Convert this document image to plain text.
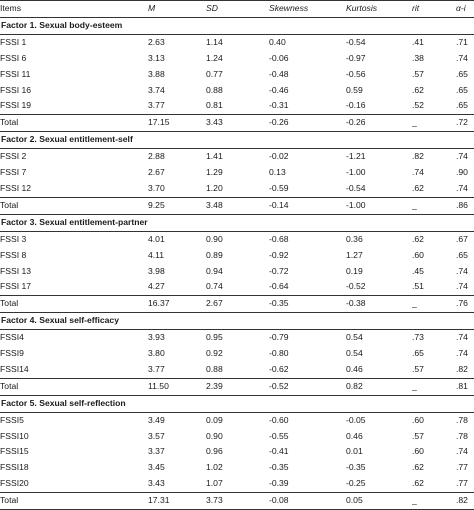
Items	M	SD	Skewness	Kurtosis	rit	α-i
Factor 1. Sexual body-esteem						
FSSI 1	2.63	1.14	0.40	-0.54	.41	.71
FSSI 6	3.13	1.24	-0.06	-0.97	.38	.74
FSSI 11	3.88	0.77	-0.48	-0.56	.57	.65
FSSI 16	3.74	0.88	-0.46	0.59	.62	.65
FSSI 19	3.77	0.81	-0.31	-0.16	.52	.65
Total	17.15	3.43	-0.26	-0.26	_	.72
Factor 2. Sexual entitlement-self						
FSSI 2	2.88	1.41	-0.02	-1.21	.82	.74
FSSI 7	2.67	1.29	0.13	-1.00	.74	.90
FSSI 12	3.70	1.20	-0.59	-0.54	.62	.74
Total	9.25	3.48	-0.14	-1.00	_	.86
Factor 3. Sexual entitlement-partner						
FSSI 3	4.01	0.90	-0.68	0.36	.62	.67
FSSI 8	4.11	0.89	-0.92	1.27	.60	.65
FSSI 13	3.98	0.94	-0.72	0.19	.45	.74
FSSI 17	4.27	0.74	-0.64	-0.52	.51	.74
Total	16.37	2.67	-0.35	-0.38	_	.76
Factor 4. Sexual self-efficacy						
FSSI4	3.93	0.95	-0.79	0.54	.73	.74
FSSI9	3.80	0.92	-0.80	0.54	.65	.74
FSSI14	3.77	0.88	-0.62	0.46	.57	.82
Total	11.50	2.39	-0.52	0.82	_	.81
Factor 5. Sexual self-reflection						
FSSI5	3.49	0.09	-0.60	-0.05	.60	.78
FSSI10	3.57	0.90	-0.55	0.46	.57	.78
FSSI15	3.37	0.96	-0.41	0.01	.60	.74
FSSI18	3.45	1.02	-0.35	-0.35	.62	.77
FSSI20	3.43	1.07	-0.39	-0.25	.62	.77
Total	17.31	3.73	-0.08	0.05	_	.82
